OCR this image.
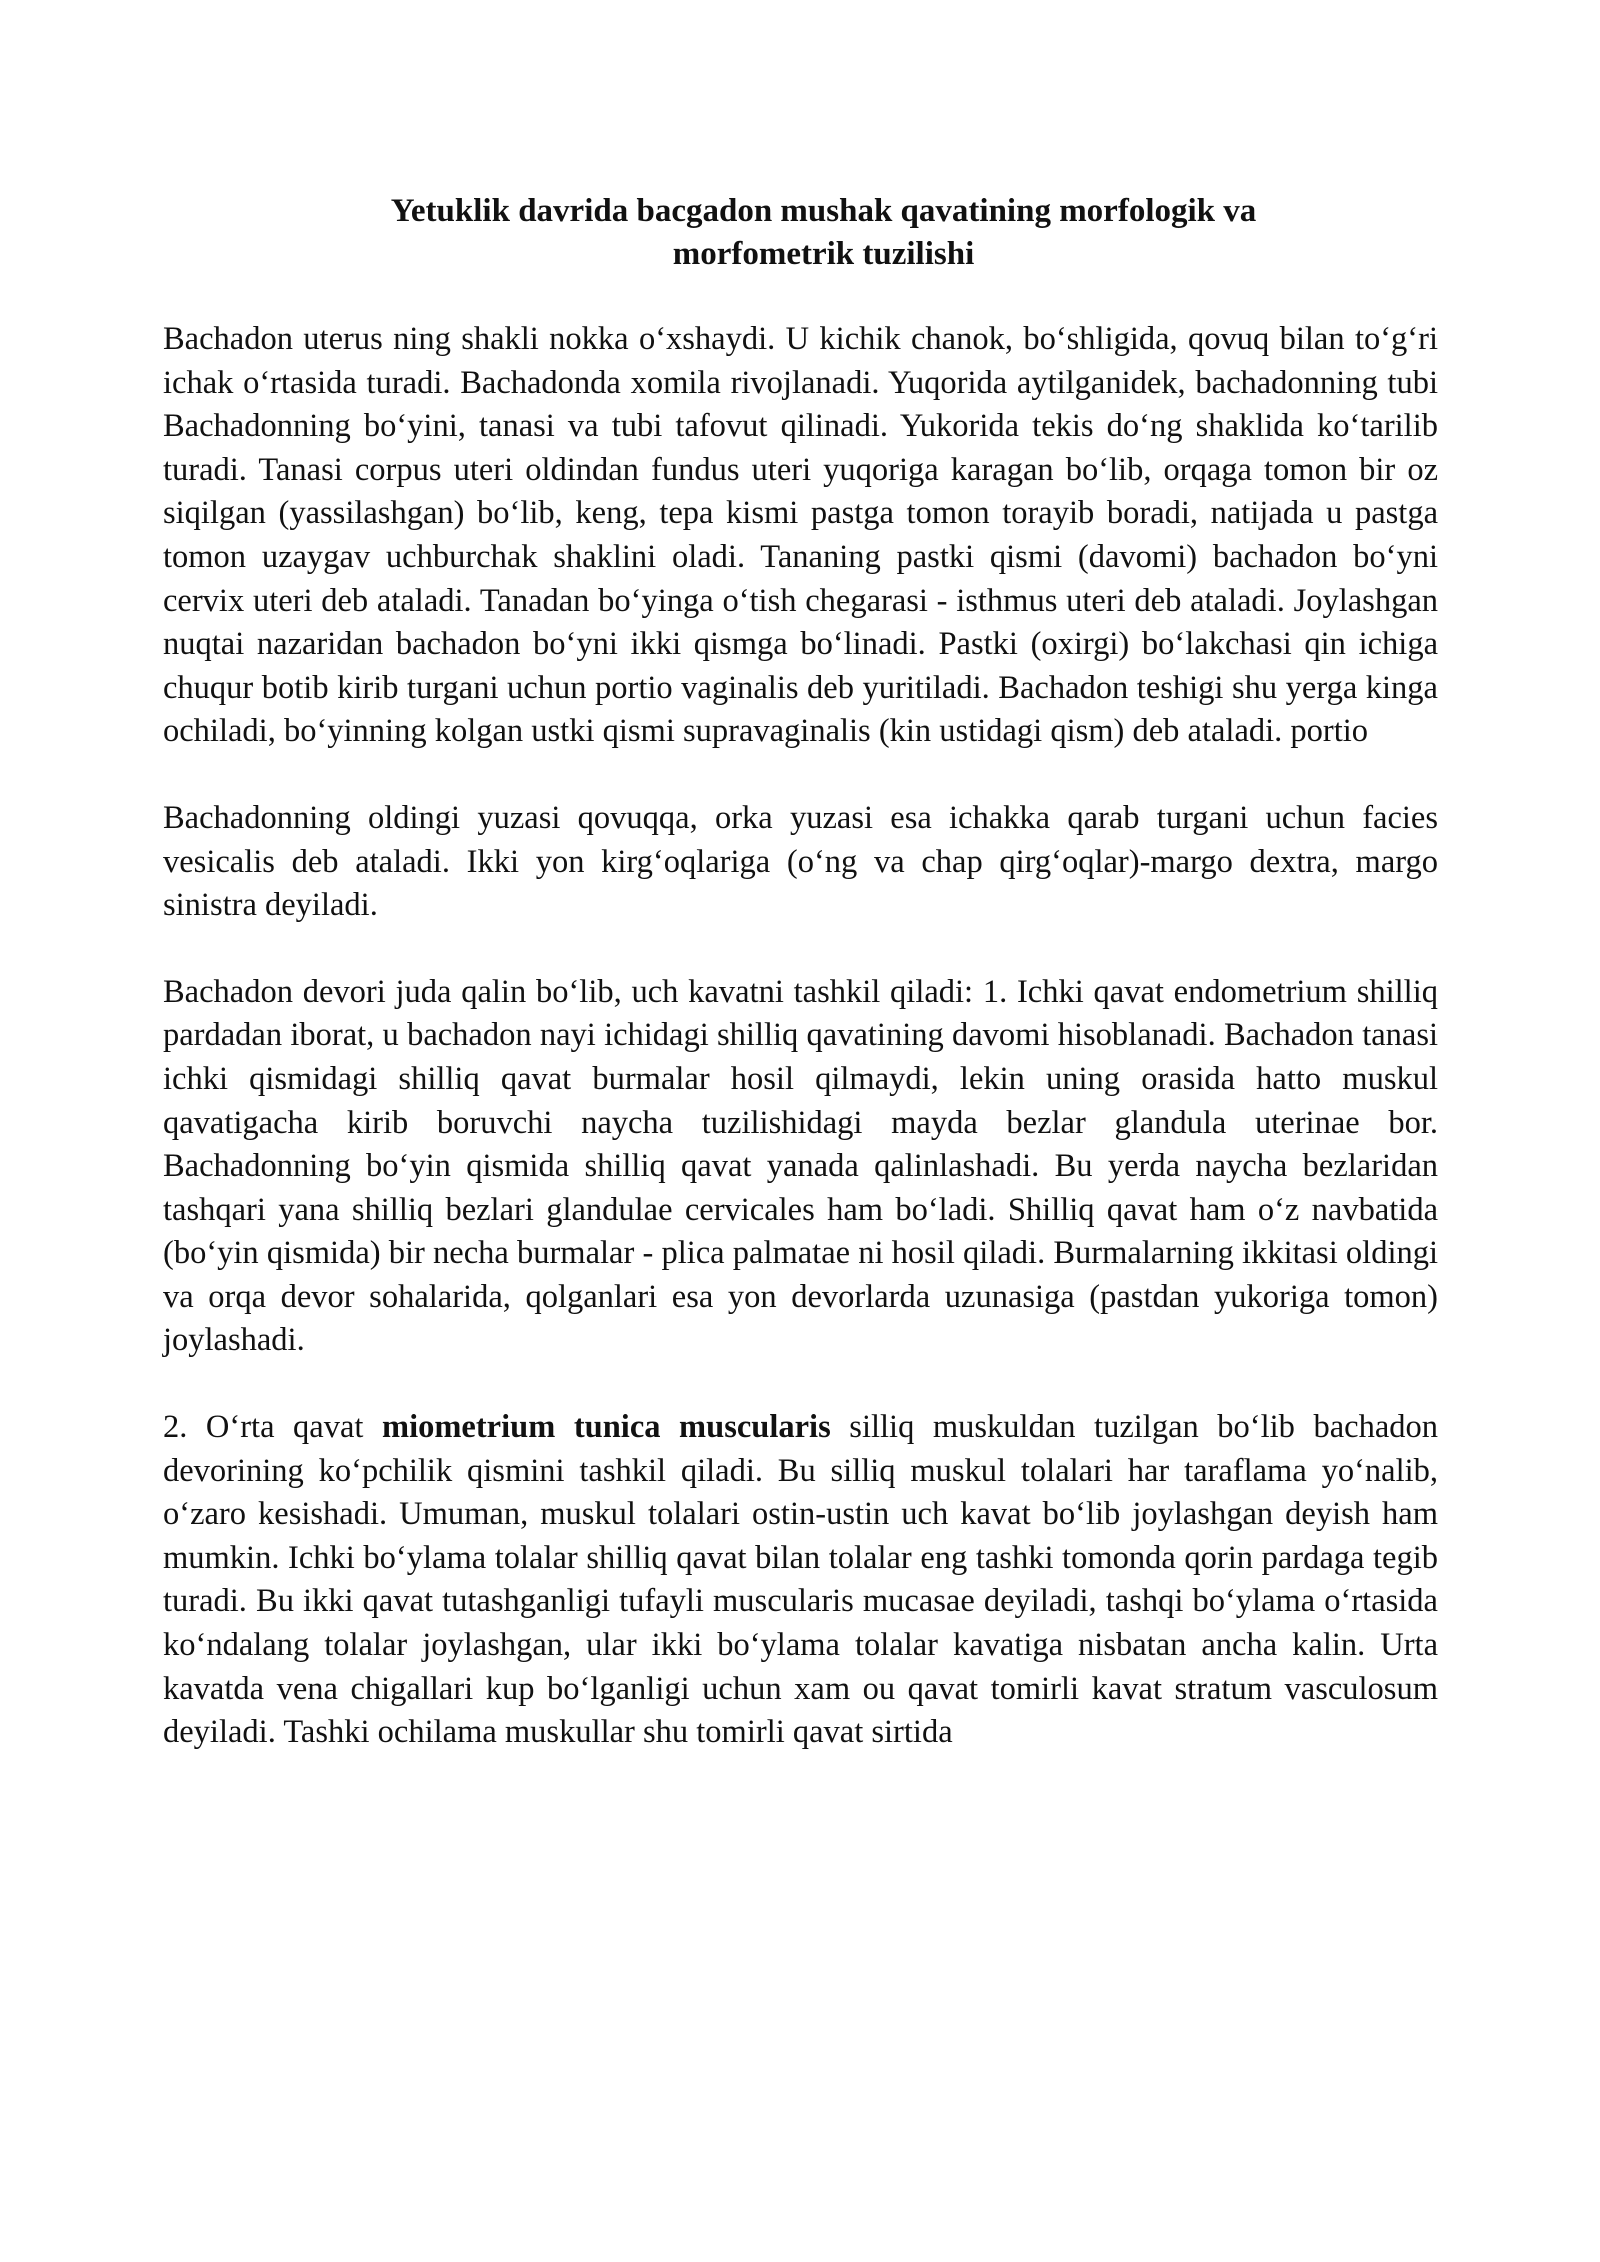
Yetuklik davrida bacgadon mushak qavatining morfologik va
morfometrik tuzilishi

Bachadon uterus ning shakli nokka o‘xshaydi. U kichik chanok, bo‘shligida, qovuq bilan to‘g‘ri ichak o‘rtasida turadi. Bachadonda xomila rivojlanadi. Yuqorida aytilganidek, bachadonning tubi Bachadonning bo‘yini, tanasi va tubi tafovut qilinadi. Yukorida tekis do‘ng shaklida ko‘tarilib turadi. Tanasi corpus uteri oldindan fundus uteri yuqoriga karagan bo‘lib, orqaga tomon bir oz siqilgan (yassilashgan) bo‘lib, keng, tepa kismi pastga tomon torayib boradi, natijada u pastga tomon uzaygav uchburchak shaklini oladi. Tananing pastki qismi (davomi) bachadon bo‘yni cervix uteri deb ataladi. Tanadan bo‘yinga o‘tish chegarasi - isthmus uteri deb ataladi. Joylashgan nuqtai nazaridan bachadon bo‘yni ikki qismga bo‘linadi. Pastki (oxirgi) bo‘lakchasi qin ichiga chuqur botib kirib turgani uchun portio vaginalis deb yuritiladi. Bachadon teshigi shu yerga kinga ochiladi, bo‘yinning kolgan ustki qismi supravaginalis (kin ustidagi qism) deb ataladi. portio

Bachadonning oldingi yuzasi qovuqqa, orka yuzasi esa ichakka qarab turgani uchun facies vesicalis deb ataladi. Ikki yon kirg‘oqlariga (o‘ng va chap qirg‘oqlar)-margo dextra, margo sinistra deyiladi.

Bachadon devori juda qalin bo‘lib, uch kavatni tashkil qiladi: 1. Ichki qavat endometrium shilliq pardadan iborat, u bachadon nayi ichidagi shilliq qavatining davomi hisoblanadi. Bachadon tanasi ichki qismidagi shilliq qavat burmalar hosil qilmaydi, lekin uning orasida hatto muskul qavatigacha kirib boruvchi naycha tuzilishidagi mayda bezlar glandula uterinae bor. Bachadonning bo‘yin qismida shilliq qavat yanada qalinlashadi. Bu yerda naycha bezlaridan tashqari yana shilliq bezlari glandulae cervicales ham bo‘ladi. Shilliq qavat ham o‘z navbatida (bo‘yin qismida) bir necha burmalar - plica palmatae ni hosil qiladi. Burmalarning ikkitasi oldingi va orqa devor sohalarida, qolganlari esa yon devorlarda uzunasiga (pastdan yukoriga tomon) joylashadi.

2. O‘rta qavat miometrium tunica muscularis silliq muskuldan tuzilgan bo‘lib bachadon devorining ko‘pchilik qismini tashkil qiladi. Bu silliq muskul tolalari har taraflama yo‘nalib, o‘zaro kesishadi. Umuman, muskul tolalari ostin-ustin uch kavat bo‘lib joylashgan deyish ham mumkin. Ichki bo‘ylama tolalar shilliq qavat bilan tolalar eng tashki tomonda qorin pardaga tegib turadi. Bu ikki qavat tutashganligi tufayli muscularis mucasae deyiladi, tashqi bo‘ylama o‘rtasida ko‘ndalang tolalar joylashgan, ular ikki bo‘ylama tolalar kavatiga nisbatan ancha kalin. Urta kavatda vena chigallari kup bo‘lganligi uchun xam ou qavat tomirli kavat stratum vasculosum deyiladi. Tashki ochilama muskullar shu tomirli qavat sirtida
